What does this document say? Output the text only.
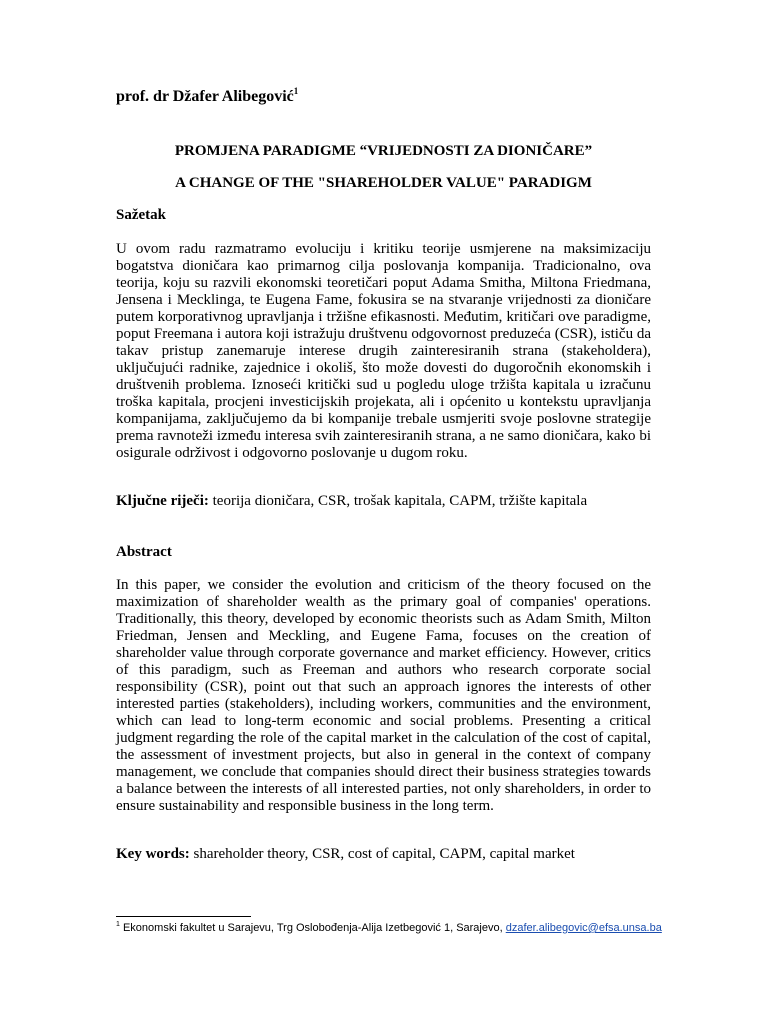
prof. dr Džafer Alibegović$^1$
PROMJENA PARADIGME “VRIJEDNOSTI ZA DIONIČARE”
A CHANGE OF THE "SHAREHOLDER VALUE" PARADIGM
Sažetak
U ovom radu razmatramo evoluciju i kritiku teorije usmjerene na maksimizaciju bogatstva dioničara kao primarnog cilja poslovanja kompanija. Tradicionalno, ova teorija, koju su razvili ekonomski teoretičari poput Adama Smitha, Miltona Friedmana, Jensena i Mecklinga, te Eugena Fame, fokusira se na stvaranje vrijednosti za dioničare putem korporativnog upravljanja i tržišne efikasnosti. Međutim, kritičari ove paradigme, poput Freemana i autora koji istražuju društvenu odgovornost preduzeća (CSR), ističu da takav pristup zanemaruje interese drugih zainteresiranih strana (stakeholdera), uključujući radnike, zajednice i okoliš, što može dovesti do dugoročnih ekonomskih i društvenih problema. Iznoseći kritički sud u pogledu uloge tržišta kapitala u izračunu troška kapitala, procjeni investicijskih projekata, ali i općenito u kontekstu upravljanja kompanijama, zaključujemo da bi kompanije trebale usmjeriti svoje poslovne strategije prema ravnoteži između interesa svih zainteresiranih strana, a ne samo dioničara, kako bi osigurale održivost i odgovorno poslovanje u dugom roku.
Ključne riječi: teorija dioničara, CSR, trošak kapitala, CAPM, tržište kapitala
Abstract
In this paper, we consider the evolution and criticism of the theory focused on the maximization of shareholder wealth as the primary goal of companies' operations. Traditionally, this theory, developed by economic theorists such as Adam Smith, Milton Friedman, Jensen and Meckling, and Eugene Fama, focuses on the creation of shareholder value through corporate governance and market efficiency. However, critics of this paradigm, such as Freeman and authors who research corporate social responsibility (CSR), point out that such an approach ignores the interests of other interested parties (stakeholders), including workers, communities and the environment, which can lead to long-term economic and social problems. Presenting a critical judgment regarding the role of the capital market in the calculation of the cost of capital, the assessment of investment projects, but also in general in the context of company management, we conclude that companies should direct their business strategies towards a balance between the interests of all interested parties, not only shareholders, in order to ensure sustainability and responsible business in the long term.
Key words: shareholder theory, CSR, cost of capital, CAPM, capital market
$^1$ Ekonomski fakultet u Sarajevu, Trg Oslobođenja-Alija Izetbegović 1, Sarajevo, dzafer.alibegovic@efsa.unsa.ba
